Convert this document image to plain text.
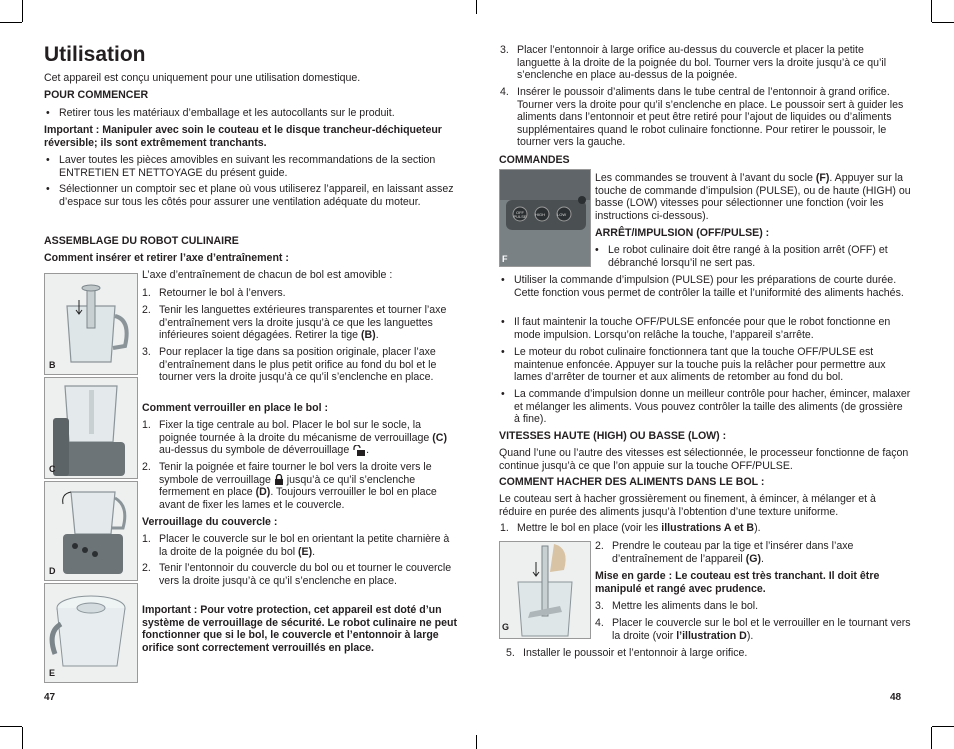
Utilisation
Cet appareil est conçu uniquement pour une utilisation domestique.
POUR COMMENCER
• Retirer tous les matériaux d’emballage et les autocollants sur le produit.
Important : Manipuler avec soin le couteau et le disque trancheur-déchiqueteur réversible; ils sont extrêmement tranchants.
• Laver toutes les pièces amovibles en suivant les recommandations de la section ENTRETIEN ET NETTOYAGE du présent guide.
• Sélectionner un comptoir sec et plane où vous utiliserez l’appareil, en laissant assez d’espace sur tous les côtés pour assurer une ventilation adéquate du moteur.
ASSEMBLAGE DU ROBOT CULINAIRE
Comment insérer et retirer l’axe d’entraînement :
B
C
D
E
L’axe d’entraînement de chacun de bol est amovible :
1. Retourner le bol à l’envers.
2. Tenir les languettes extérieures transparentes et tourner l’axe d’entraînement vers la droite jusqu’à ce que les languettes inférieures soient dégagées. Retirer la tige (B).
3. Pour replacer la tige dans sa position originale, placer l’axe d’entraînement dans le plus petit orifice au fond du bol et le tourner vers la droite jusqu’à ce qu’il s’enclenche en place.
Comment verrouiller en place le bol :
1. Fixer la tige centrale au bol. Placer le bol sur le socle, la poignée tournée à la droite du mécanisme de verrouillage (C) au-dessus du symbole de déverrouillage .
2. Tenir la poignée et faire tourner le bol vers la droite vers le symbole de verrouillage jusqu’à ce qu’il s’enclenche fermement en place (D). Toujours verrouiller le bol en place avant de fixer les lames et le couvercle.
Verrouillage du couvercle :
1. Placer le couvercle sur le bol en orientant la petite charnière à la droite de la poignée du bol (E).
2. Tenir l’entonnoir du couvercle du bol ou et tourner le couvercle vers la droite jusqu’à ce qu’il s’enclenche en place.
Important : Pour votre protection, cet appareil est doté d’un système de verrouillage de sécurité. Le robot culinaire ne peut fonctionner que si le bol, le couvercle et l’entonnoir à large orifice sont correctement verrouillés en place.
47
3. Placer l’entonnoir à large orifice au-dessus du couvercle et placer la petite languette à la droite de la poignée du bol. Tourner vers la droite jusqu’à ce qu’il s’enclenche en place au-dessus de la poignée.
4. Insérer le poussoir d’aliments dans le tube central de l’entonnoir à grand orifice. Tourner vers la droite pour qu’il s’enclenche en place. Le poussoir sert à guider les aliments dans l’entonnoir et peut être retiré pour l’ajout de liquides ou d’aliments supplémentaires quand le robot culinaire fonctionne. Pour retirer le poussoir, le tourner vers la gauche.
COMMANDES
LOW
HIGH
OFF PULSE
F
Les commandes se trouvent à l’avant du socle (F). Appuyer sur la touche de commande d’impulsion (PULSE), ou de haute (HIGH) ou basse (LOW) vitesses pour sélectionner une fonction (voir les instructions ci-dessous).
ARRÊT/IMPULSION (OFF/PULSE) :
• Le robot culinaire doit être rangé à la position arrêt (OFF) et débranché lorsqu’il ne sert pas.
• Utiliser la commande d’impulsion (PULSE) pour les préparations de courte durée. Cette fonction vous permet de contrôler la taille et l’uniformité des aliments hachés.
• Il faut maintenir la touche OFF/PULSE enfoncée pour que le robot fonctionne en mode impulsion. Lorsqu’on relâche la touche, l’appareil s’arrête.
• Le moteur du robot culinaire fonctionnera tant que la touche OFF/PULSE est maintenue enfoncée. Appuyer sur la touche puis la relâcher pour permettre aux lames d’arrêter de tourner et aux aliments de retomber au fond du bol.
• La commande d’impulsion donne un meilleur contrôle pour hacher, émincer, malaxer et mélanger les aliments. Vous pouvez contrôler la taille des aliments (de grossière à fine).
VITESSES HAUTE (HIGH) OU BASSE (LOW) :
Quand l’une ou l’autre des vitesses est sélectionnée, le processeur fonctionne de façon continue jusqu’à ce que l’on appuie sur la touche OFF/PULSE.
COMMENT HACHER DES ALIMENTS DANS LE BOL :
Le couteau sert à hacher grossièrement ou finement, à émincer, à mélanger et à réduire en purée des aliments jusqu’à l’obtention d’une texture uniforme.
1. Mettre le bol en place (voir les illustrations A et B).
G
2. Prendre le couteau par la tige et l’insérer dans l’axe d’entraînement de l’appareil (G).
Mise en garde : Le couteau est très tranchant. Il doit être manipulé et rangé avec prudence.
3. Mettre les aliments dans le bol.
4. Placer le couvercle sur le bol et le verrouiller en le tournant vers la droite (voir l’illustration D).
5. Installer le poussoir et l’entonnoir à large orifice.
48
